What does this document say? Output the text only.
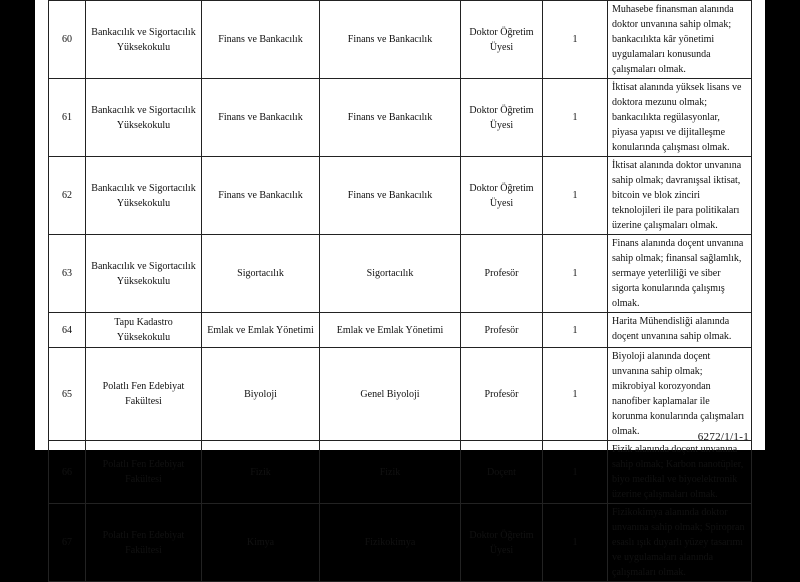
60	Bankacılık ve Sigortacılık Yüksekokulu	Finans ve Bankacılık	Finans ve Bankacılık	Doktor Öğretim Üyesi	1	Muhasebe finansman alanında doktor unvanına sahip olmak; bankacılıkta kâr yönetimi uygulamaları konusunda çalışmaları olmak.
61	Bankacılık ve Sigortacılık Yüksekokulu	Finans ve Bankacılık	Finans ve Bankacılık	Doktor Öğretim Üyesi	1	İktisat alanında yüksek lisans ve doktora mezunu olmak; bankacılıkta regülasyonlar, piyasa yapısı ve dijitalleşme konularında çalışması olmak.
62	Bankacılık ve Sigortacılık Yüksekokulu	Finans ve Bankacılık	Finans ve Bankacılık	Doktor Öğretim Üyesi	1	İktisat alanında doktor unvanına sahip olmak; davranışsal iktisat, bitcoin ve blok zinciri teknolojileri ile para politikaları üzerine çalışmaları olmak.
63	Bankacılık ve Sigortacılık Yüksekokulu	Sigortacılık	Sigortacılık	Profesör	1	Finans alanında doçent unvanına sahip olmak; finansal sağlamlık, sermaye yeterliliği ve siber sigorta konularında çalışmış olmak.
64	Tapu Kadastro Yüksekokulu	Emlak ve Emlak Yönetimi	Emlak ve Emlak Yönetimi	Profesör	1	Harita Mühendisliği alanında doçent unvanına sahip olmak.
65	Polatlı Fen Edebiyat Fakültesi	Biyoloji	Genel Biyoloji	Profesör	1	Biyoloji alanında doçent unvanına sahip olmak; mikrobiyal korozyondan nanofiber kaplamalar ile korunma konularında çalışmaları olmak.
66	Polatlı Fen Edebiyat Fakültesi	Fizik	Fizik	Doçent	1	Fizik alanında doçent unvanına sahip olmak; Karbon nanotüpler, biyo medikal ve biyoelektronik üzerine çalışmaları olmak.
67	Polatlı Fen Edebiyat Fakültesi	Kimya	Fizikokimya	Doktor Öğretim Üyesi	1	Fizikokimya alanında doktor unvanına sahip olmak; Spiropran esaslı ışık duyarlı yüzey tasarımı ve uygulamaları alanında çalışmaları olmak.
6272/1/1-1
